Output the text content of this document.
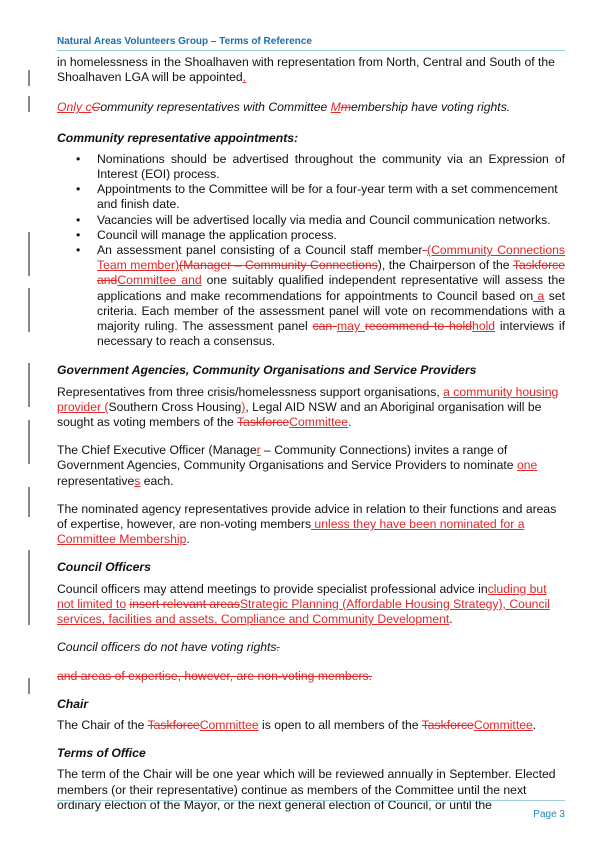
Natural Areas Volunteers Group – Terms of Reference

in homelessness in the Shoalhaven with representation from North, Central and South of the Shoalhaven LGA will be appointed.

Only cCommunity representatives with Committee Mmembership have voting rights.

Community representative appointments:

• Nominations should be advertised throughout the community via an Expression of Interest (EOI) process.
• Appointments to the Committee will be for a four-year term with a set commencement and finish date.
• Vacancies will be advertised locally via media and Council communication networks.
• Council will manage the application process.
• An assessment panel consisting of a Council staff member (Community Connections Team member)(Manager – Community Connections), the Chairperson of the Taskforce andCommittee and one suitably qualified independent representative will assess the applications and make recommendations for appointments to Council based on a set criteria. Each member of the assessment panel will vote on recommendations with a majority ruling. The assessment panel can may recommend to holdhold interviews if necessary to reach a consensus.

Government Agencies, Community Organisations and Service Providers

Representatives from three crisis/homelessness support organisations, a community housing provider (Southern Cross Housing), Legal AID NSW and an Aboriginal organisation will be sought as voting members of the TaskforceCommittee.

The Chief Executive Officer (Manager – Community Connections) invites a range of Government Agencies, Community Organisations and Service Providers to nominate one representatives each.

The nominated agency representatives provide advice in relation to their functions and areas of expertise, however, are non-voting members unless they have been nominated for a Committee Membership.

Council Officers

Council officers may attend meetings to provide specialist professional advice including but not limited to insert relevant areasStrategic Planning (Affordable Housing Strategy), Council services, facilities and assets, Compliance and Community Development.

Council officers do not have voting rights.

and areas of expertise, however, are non-voting members.

Chair

The Chair of the TaskforceCommittee is open to all members of the TaskforceCommittee.

Terms of Office

The term of the Chair will be one year which will be reviewed annually in September. Elected members (or their representative) continue as members of the Committee until the next ordinary election of the Mayor, or the next general election of Council, or until the

Page 3
